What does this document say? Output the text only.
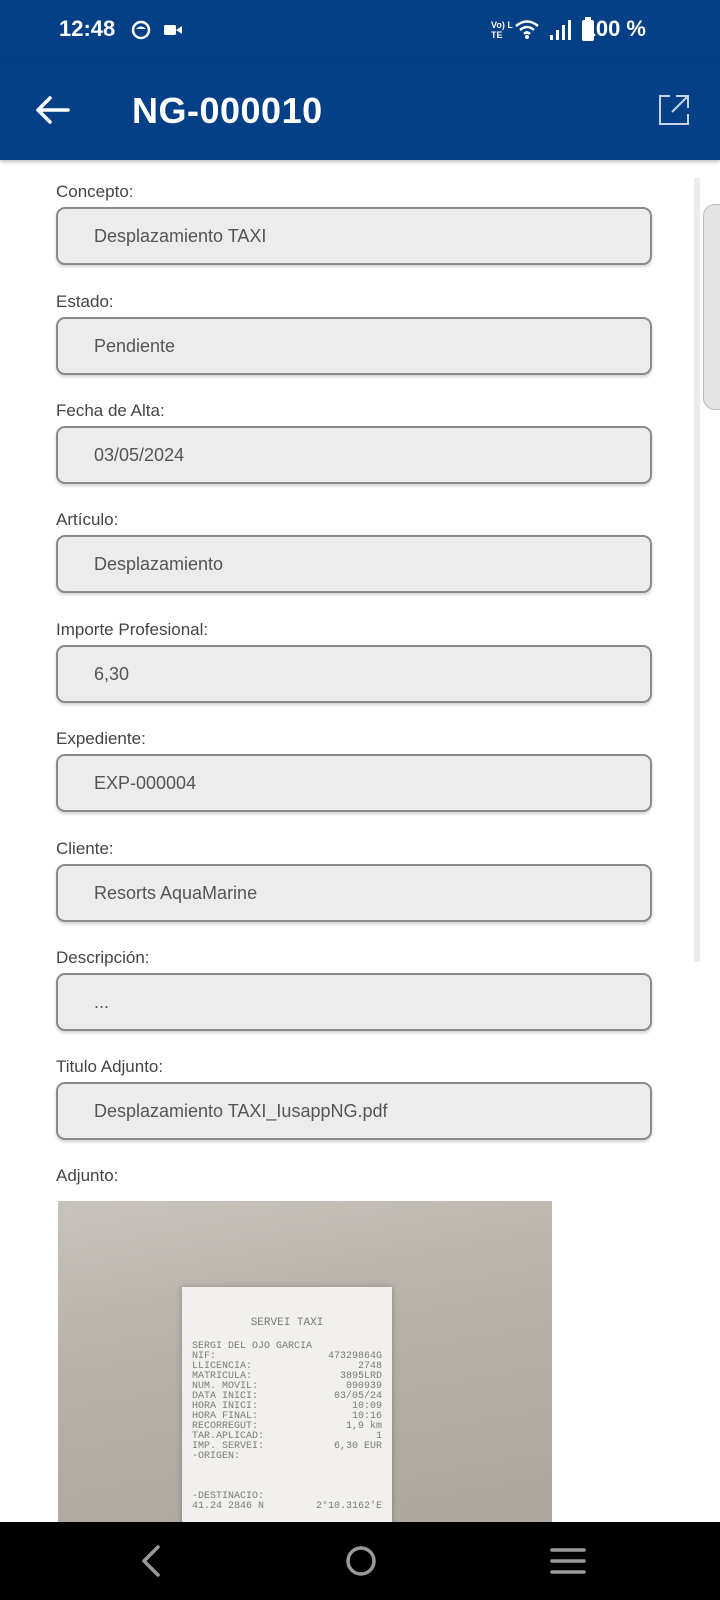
12:48	Vo) LTE	100 %
NG-000010
Concepto:
Desplazamiento TAXI
Estado:
Pendiente
Fecha de Alta:
03/05/2024
Artículo:
Desplazamiento
Importe Profesional:
6,30
Expediente:
EXP-000004
Cliente:
Resorts AquaMarine
Descripción:
...
Titulo Adjunto:
Desplazamiento TAXI_IusappNG.pdf
Adjunto:
SERVEI TAXI
SERGI DEL OJO GARCIA
NIF:	47329864G
LLICENCIA:	2748
MATRICULA:	3895LRD
NUM. MOVIL:	090939
DATA INICI:	03/05/24
HORA INICI:	10:09
HORA FINAL:	10:16
RECORREGUT:	1,9 km
TAR.APLICAD:	1
IMP. SERVEI:	6,30 EUR
-ORIGEN:
-DESTINACIO:
41.24 2846 N	2°10.3162'E
